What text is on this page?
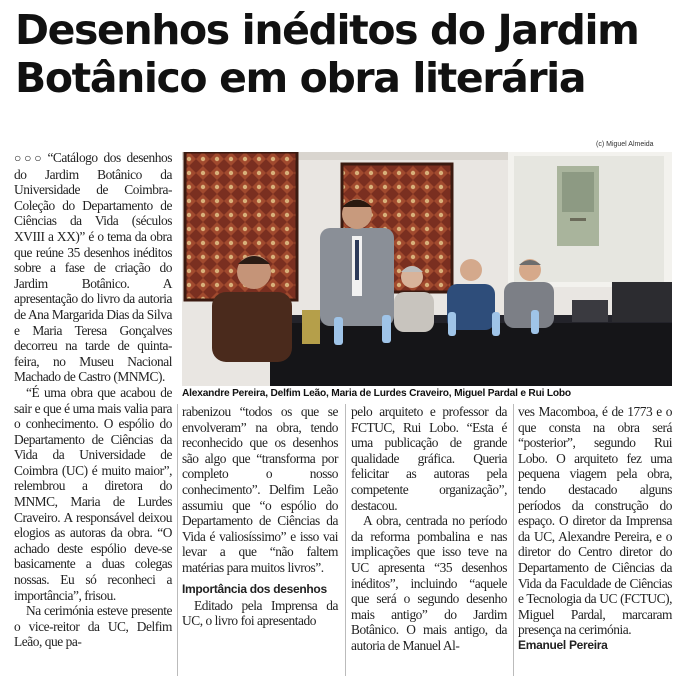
Desenhos inéditos do Jardim
Botânico em obra literária
(c) Miguel Almeida
Alexandre Pereira, Delfim Leão, Maria de Lurdes Craveiro, Miguel Pardal e Rui Lobo

○○○ “Catálogo dos desenhos do Jardim Botânico da Universidade de Coimbra- Coleção do Departamento de Ciências da Vida (séculos XVIII a XX)” é o tema da obra que reúne 35 desenhos inéditos sobre a fase de criação do Jardim Botânico. A apresentação do livro da autoria de Ana Margarida Dias da Silva e Maria Teresa Gonçalves decorreu na tarde de quinta-feira, no Museu Nacional Machado de Castro (MNMC).

“É uma obra que acabou de sair e que é uma mais valia para o conhecimento. O espólio do Departamento de Ciências da Vida da Universidade de Coimbra (UC) é muito maior”, relembrou a diretora do MNMC, Maria de Lurdes Craveiro. A responsável deixou elogios as autoras da obra. “O achado deste espólio deve-se basicamente a duas colegas nossas. Eu só reconheci a importância”, frisou.

Na cerimónia esteve presente o vice-reitor da UC, Delfim Leão, que pa-

rabenizou “todos os que se envolveram” na obra, tendo reconhecido que os desenhos são algo que “transforma por completo o nosso conhecimento”. Delfim Leão assumiu que “o espólio do Departamento de Ciências da Vida é valiosíssimo” e isso vai levar a que “não faltem matérias para muitos livros”.

Importância dos desenhos

Editado pela Imprensa da UC, o livro foi apresentado

pelo arquiteto e professor da FCTUC, Rui Lobo. “Esta é uma publicação de grande qualidade gráfica. Queria felicitar as autoras pela competente organização”, destacou.

A obra, centrada no período da reforma pombalina e nas implicações que isso teve na UC apresenta “35 desenhos inéditos”, incluindo “aquele que será o segundo desenho mais antigo” do Jardim Botânico. O mais antigo, da autoria de Manuel Al-

ves Macomboa, é de 1773 e o que consta na obra será “posterior”, segundo Rui Lobo. O arquiteto fez uma pequena viagem pela obra, tendo destacado alguns períodos da construção do espaço. O diretor da Imprensa da UC, Alexandre Pereira, e o diretor do Centro diretor do Departamento de Ciências da Vida da Faculdade de Ciências e Tecnologia da UC (FCTUC), Miguel Pardal, marcaram presença na cerimónia.

Emanuel Pereira
